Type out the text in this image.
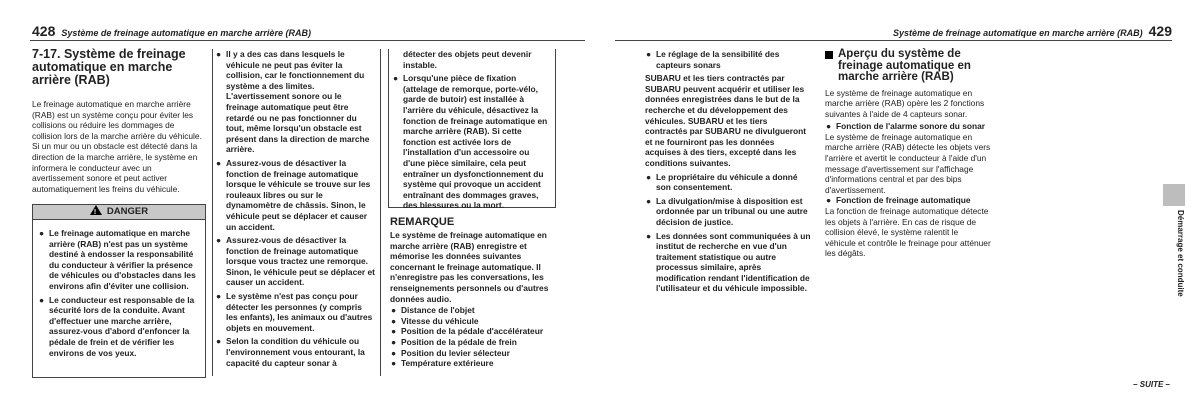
428 Système de freinage automatique en marche arrière (RAB)

7-17. Système de freinage automatique en marche arrière (RAB)

Le freinage automatique en marche arrière (RAB) est un système conçu pour éviter les collisions ou réduire les dommages de collision lors de la marche arrière du véhicule. Si un mur ou un obstacle est détecté dans la direction de la marche arrière, le système en informera le conducteur avec un avertissement sonore et peut activer automatiquement les freins du véhicule.

! DANGER
● Le freinage automatique en marche arrière (RAB) n'est pas un système destiné à endosser la responsabilité du conducteur à vérifier la présence de véhicules ou d'obstacles dans les environs afin d'éviter une collision.
● Le conducteur est responsable de la sécurité lors de la conduite. Avant d'effectuer une marche arrière, assurez-vous d'abord d'enfoncer la pédale de frein et de vérifier les environs de vos yeux.
● Il y a des cas dans lesquels le véhicule ne peut pas éviter la collision, car le fonctionnement du système a des limites. L'avertissement sonore ou le freinage automatique peut être retardé ou ne pas fonctionner du tout, même lorsqu'un obstacle est présent dans la direction de marche arrière.
● Assurez-vous de désactiver la fonction de freinage automatique lorsque le véhicule se trouve sur les rouleaux libres ou sur le dynamomètre de châssis. Sinon, le véhicule peut se déplacer et causer un accident.
● Assurez-vous de désactiver la fonction de freinage automatique lorsque vous tractez une remorque. Sinon, le véhicule peut se déplacer et causer un accident.
● Le système n'est pas conçu pour détecter les personnes (y compris les enfants), les animaux ou d'autres objets en mouvement.
● Selon la condition du véhicule ou l'environnement vous entourant, la capacité du capteur sonar à

détecter des objets peut devenir instable.

● Lorsqu'une pièce de fixation (attelage de remorque, porte-vélo, garde de butoir) est installée à l'arrière du véhicule, désactivez la fonction de freinage automatique en marche arrière (RAB). Si cette fonction est activée lors de l'installation d'un accessoire ou d'une pièce similaire, cela peut entraîner un dysfonctionnement du système qui provoque un accident entraînant des dommages graves, des blessures ou la mort.

REMARQUE

Le système de freinage automatique en marche arrière (RAB) enregistre et mémorise les données suivantes concernant le freinage automatique. Il n'enregistre pas les conversations, les renseignements personnels ou d'autres données audio.

● Distance de l'objet
● Vitesse du véhicule
● Position de la pédale d'accélérateur
● Position de la pédale de frein
● Position du levier sélecteur
● Température extérieure
Système de freinage automatique en marche arrière (RAB) 429
● Le réglage de la sensibilité des capteurs sonars

SUBARU et les tiers contractés par SUBARU peuvent acquérir et utiliser les données enregistrées dans le but de la recherche et du développement des véhicules. SUBARU et les tiers contractés par SUBARU ne divulgueront et ne fourniront pas les données acquises à des tiers, excepté dans les conditions suivantes.

● Le propriétaire du véhicule a donné son consentement.
● La divulgation/mise à disposition est ordonnée par un tribunal ou une autre décision de justice.
● Les données sont communiquées à un institut de recherche en vue d'un traitement statistique ou autre processus similaire, après modification rendant l'identification de l'utilisateur et du véhicule impossible.

Aperçu du système de freinage automatique en marche arrière (RAB)

Le système de freinage automatique en marche arrière (RAB) opère les 2 fonctions suivantes à l'aide de 4 capteurs sonar.

● Fonction de l'alarme sonore du sonar

Le système de freinage automatique en marche arrière (RAB) détecte les objets vers l'arrière et avertit le conducteur à l'aide d'un message d'avertissement sur l'affichage d'informations central et par des bips d'avertissement.

● Fonction de freinage automatique

La fonction de freinage automatique détecte les objets à l'arrière. En cas de risque de collision élevé, le système ralentit le véhicule et contrôle le freinage pour atténuer les dégâts.	Démarrage et conduite
– SUITE –
